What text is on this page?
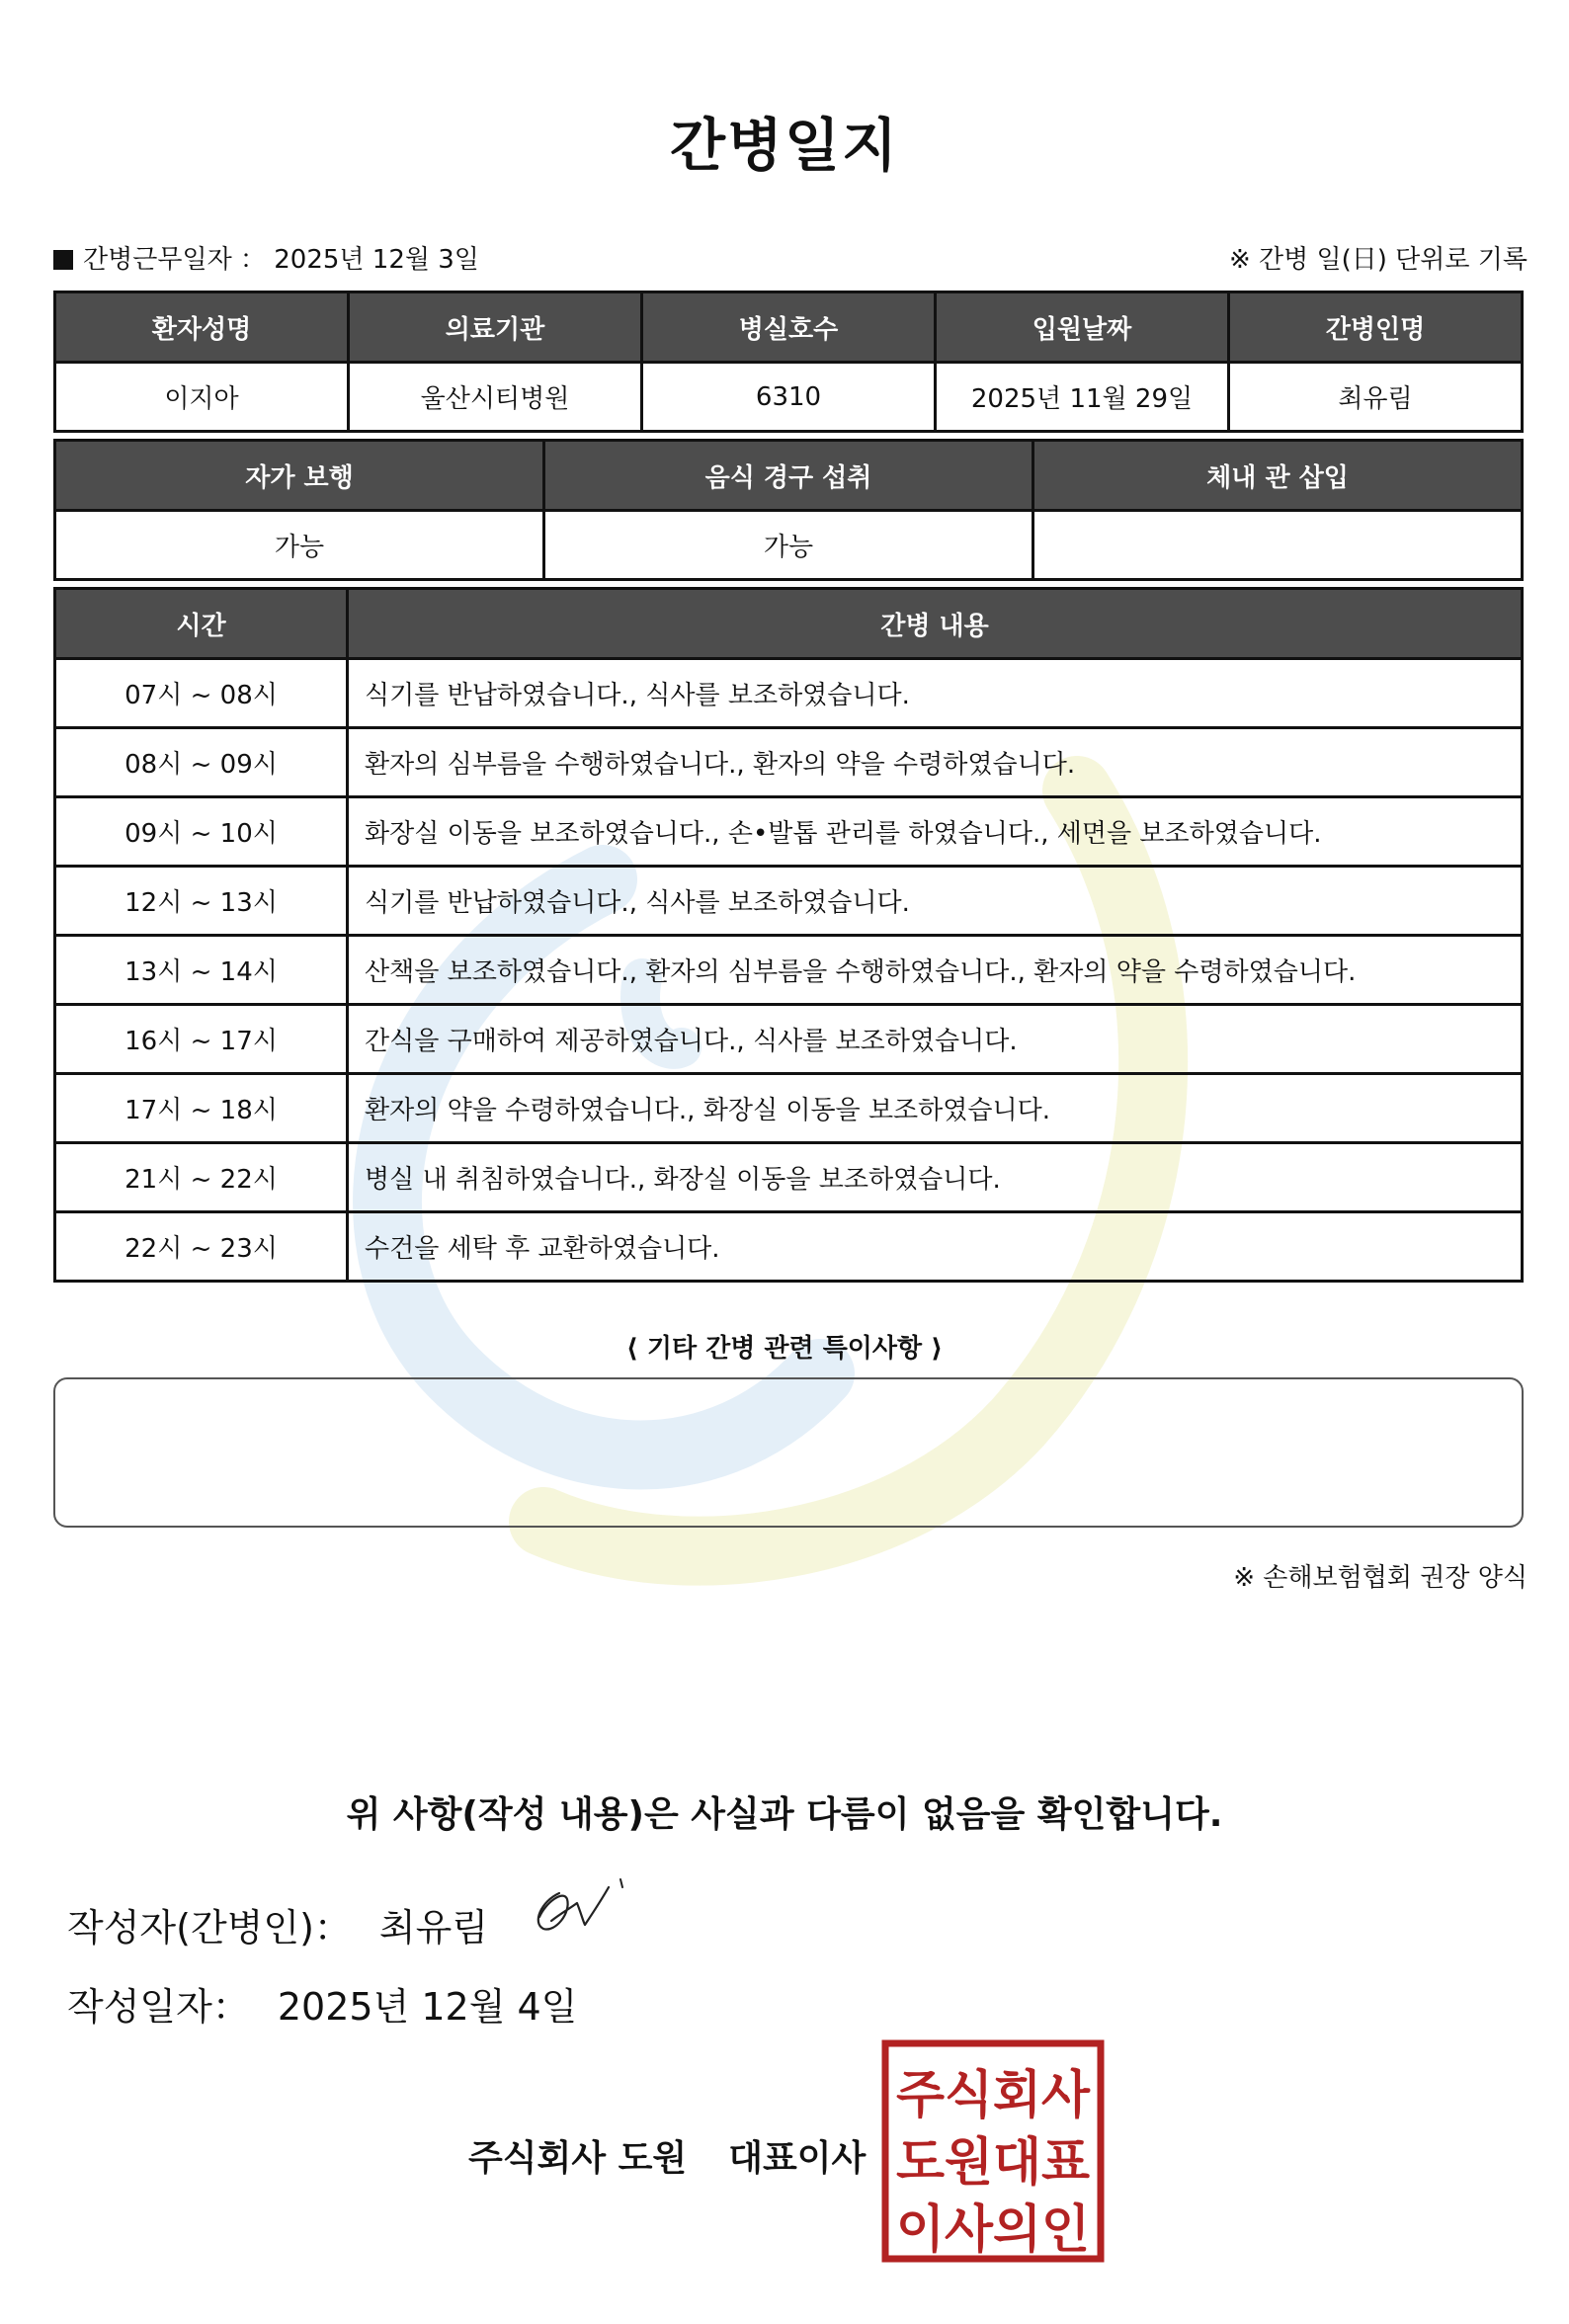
간병일지
간병근무일자 ： 2025년 12월 3일	※ 간병 일(日) 단위로 기록
환자성명	의료기관	병실호수	입원날짜	간병인명
이지아	울산시티병원	6310	2025년 11월 29일	최유림
자가 보행	음식 경구 섭취	체내 관 삽입
가능	가능	
시간	간병 내용
07시 ~ 08시	식기를 반납하였습니다., 식사를 보조하였습니다.
08시 ~ 09시	환자의 심부름을 수행하였습니다., 환자의 약을 수령하였습니다.
09시 ~ 10시	화장실 이동을 보조하였습니다., 손•발톱 관리를 하였습니다., 세면을 보조하였습니다.
12시 ~ 13시	식기를 반납하였습니다., 식사를 보조하였습니다.
13시 ~ 14시	산책을 보조하였습니다., 환자의 심부름을 수행하였습니다., 환자의 약을 수령하였습니다.
16시 ~ 17시	간식을 구매하여 제공하였습니다., 식사를 보조하였습니다.
17시 ~ 18시	환자의 약을 수령하였습니다., 화장실 이동을 보조하였습니다.
21시 ~ 22시	병실 내 취침하였습니다., 화장실 이동을 보조하였습니다.
22시 ~ 23시	수건을 세탁 후 교환하였습니다.
⟨ 기타 간병 관련 특이사항 ⟩
※ 손해보험협회 권장 양식
위 사항(작성 내용)은 사실과 다름이 없음을 확인합니다.
작성자(간병인)： 최유림
작성일자： 2025년 12월 4일
주식회사 도원 대표이사
주식회사
도원대표
이사의인
